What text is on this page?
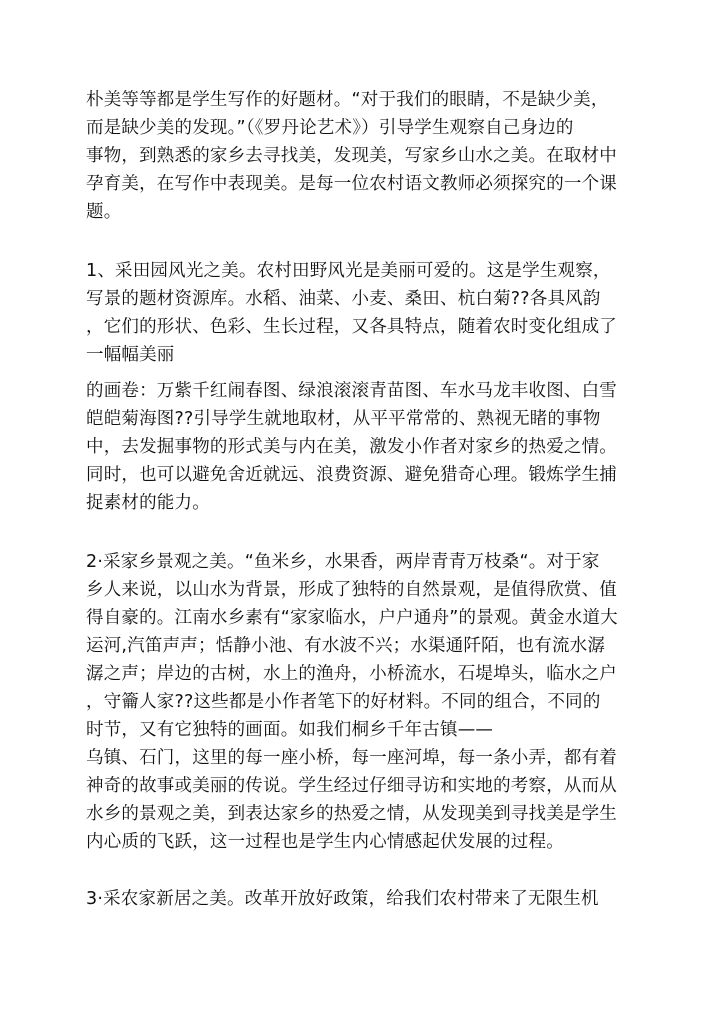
朴美等等都是学生写作的好题材。“对于我们的眼睛，不是缺少美，
而是缺少美的发现。”（《罗丹论艺术》）引导学生观察自己身边的
事物，到熟悉的家乡去寻找美，发现美，写家乡山水之美。在取材中
孕育美，在写作中表现美。是每一位农村语文教师必须探究的一个课
题。
1、采田园风光之美。农村田野风光是美丽可爱的。这是学生观察，
写景的题材资源库。水稻、油菜、小麦、桑田、杭白菊??各具风韵
，它们的形状、色彩、生长过程，又各具特点，随着农时变化组成了
一幅幅美丽
的画卷：万紫千红闹春图、绿浪滚滚青苗图、车水马龙丰收图、白雪
皑皑菊海图??引导学生就地取材，从平平常常的、熟视无睹的事物
中，去发掘事物的形式美与内在美，激发小作者对家乡的热爱之情。
同时，也可以避免舍近就远、浪费资源、避免猎奇心理。锻炼学生捕
捉素材的能力。
2·采家乡景观之美。“鱼米乡，水果香，两岸青青万枝桑“。对于家
乡人来说，以山水为背景，形成了独特的自然景观，是值得欣赏、值
得自豪的。江南水乡素有“家家临水，户户通舟”的景观。黄金水道大
运河,汽笛声声；恬静小池、有水波不兴；水渠通阡陌，也有流水潺
潺之声；岸边的古树，水上的渔舟，小桥流水，石堤埠头，临水之户
，守籥人家??这些都是小作者笔下的好材料。不同的组合，不同的
时节，又有它独特的画面。如我们桐乡千年古镇——
乌镇、石门，这里的每一座小桥，每一座河埠，每一条小弄，都有着
神奇的故事或美丽的传说。学生经过仔细寻访和实地的考察，从而从
水乡的景观之美，到表达家乡的热爱之情，从发现美到寻找美是学生
内心质的飞跃，这一过程也是学生内心情感起伏发展的过程。
3·采农家新居之美。改革开放好政策，给我们农村带来了无限生机
